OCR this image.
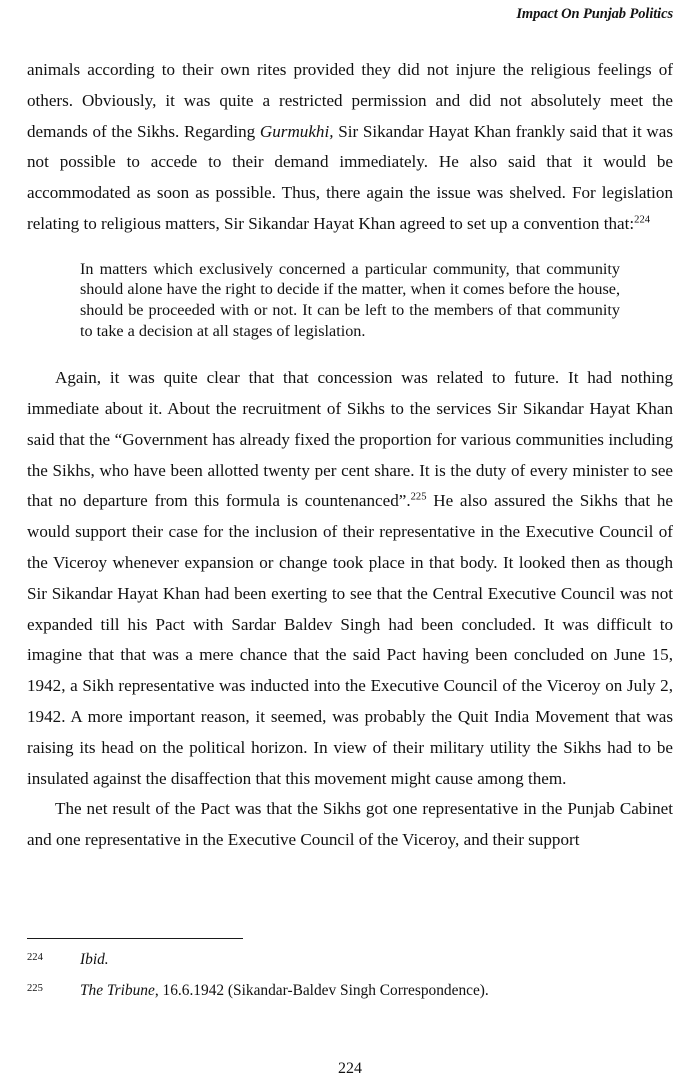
Impact On Punjab Politics

animals according to their own rites provided they did not injure the religious feelings of others. Obviously, it was quite a restricted permission and did not absolutely meet the demands of the Sikhs. Regarding Gurmukhi, Sir Sikandar Hayat Khan frankly said that it was not possible to accede to their demand immediately. He also said that it would be accommodated as soon as possible. Thus, there again the issue was shelved. For legislation relating to religious matters, Sir Sikandar Hayat Khan agreed to set up a convention that:$^{224}$

In matters which exclusively concerned a particular community, that community should alone have the right to decide if the matter, when it comes before the house, should be proceeded with or not. It can be left to the members of that community to take a decision at all stages of legislation.

Again, it was quite clear that that concession was related to future. It had nothing immediate about it. About the recruitment of Sikhs to the services Sir Sikandar Hayat Khan said that the “Government has already fixed the proportion for various communities including the Sikhs, who have been allotted twenty per cent share. It is the duty of every minister to see that no departure from this formula is countenanced”.$^{225}$ He also assured the Sikhs that he would support their case for the inclusion of their representative in the Executive Council of the Viceroy whenever expansion or change took place in that body. It looked then as though Sir Sikandar Hayat Khan had been exerting to see that the Central Executive Council was not expanded till his Pact with Sardar Baldev Singh had been concluded. It was difficult to imagine that that was a mere chance that the said Pact having been concluded on June 15, 1942, a Sikh representative was inducted into the Executive Council of the Viceroy on July 2, 1942. A more important reason, it seemed, was probably the Quit India Movement that was raising its head on the political horizon. In view of their military utility the Sikhs had to be insulated against the disaffection that this movement might cause among them.

The net result of the Pact was that the Sikhs got one representative in the Punjab Cabinet and one representative in the Executive Council of the Viceroy, and their support

224 Ibid.
225 The Tribune, 16.6.1942 (Sikandar-Baldev Singh Correspondence).
224
